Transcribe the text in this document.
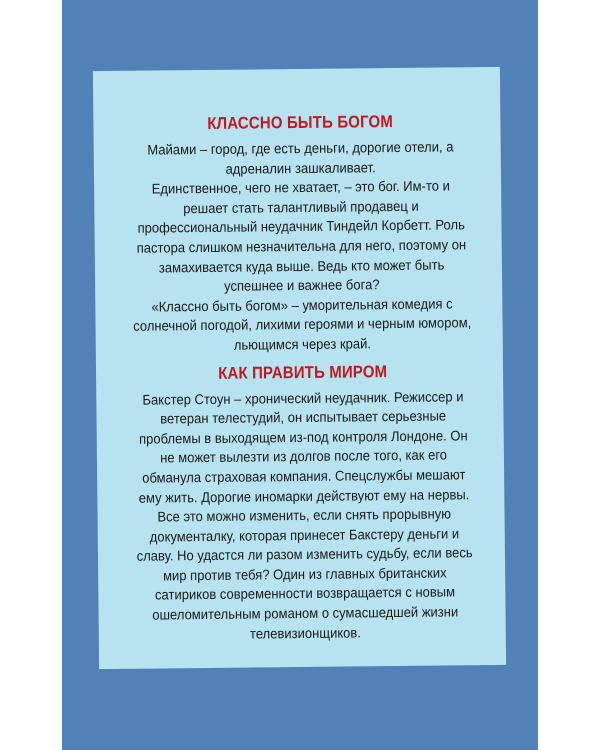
КЛАССНО БЫТЬ БОГОМ

Майами – город, где есть деньги, дорогие отели, а адреналин зашкаливает.

Единственное, чего не хватает, – это бог. Им-то и решает стать талантливый продавец и профессиональный неудачник Тиндейл Корбетт. Роль пастора слишком незначительна для него, поэтому он замахивается куда выше. Ведь кто может быть успешнее и важнее бога?

«Классно быть богом» – уморительная комедия с солнечной погодой, лихими героями и черным юмором, льющимся через край.

КАК ПРАВИТЬ МИРОМ

Бакстер Стоун – хронический неудачник. Режиссер и ветеран телестудий, он испытывает серьезные проблемы в выходящем из-под контроля Лондоне. Он не может вылезти из долгов после того, как его обманула страховая компания. Спецслужбы мешают ему жить. Дорогие иномарки действуют ему на нервы. Все это можно изменить, если снять прорывную документалку, которая принесет Бакстеру деньги и славу. Но удастся ли разом изменить судьбу, если весь мир против тебя? Один из главных британских сатириков современности возвращается с новым ошеломительным романом о сумасшедшей жизни телевизионщиков.
